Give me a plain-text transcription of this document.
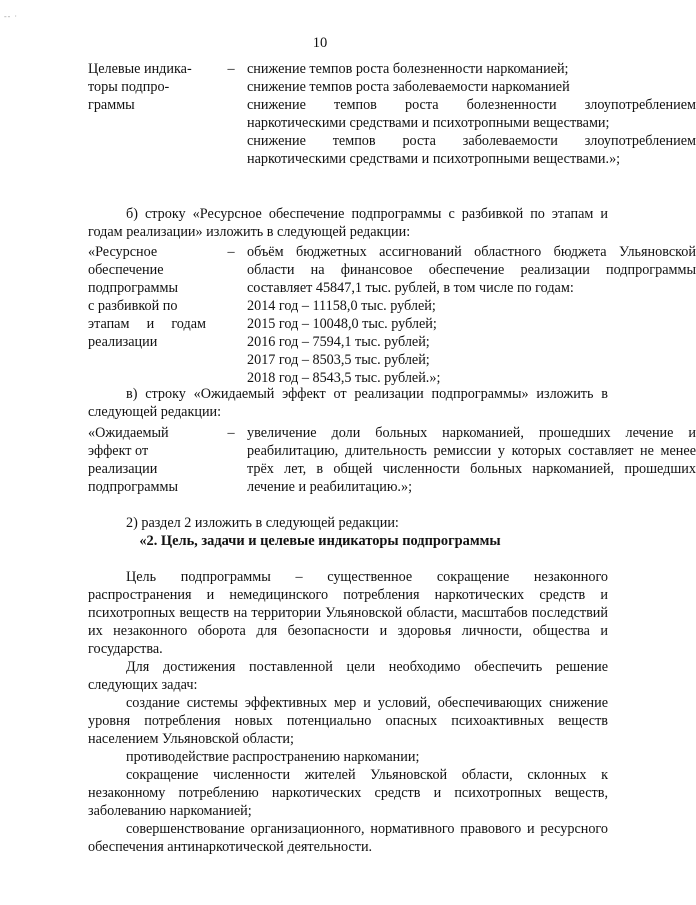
-- ·
10
Целевые индика-
торы подпро-
граммы
– снижение темпов роста болезненности наркоманией;
снижение темпов роста заболеваемости наркоманией
снижение темпов роста болезненности злоупотреблением наркотическими средствами и психотропными веществами;
снижение темпов роста заболеваемости злоупотреблением наркотическими средствами и психотропными веществами.»;
б) строку «Ресурсное обеспечение подпрограммы с разбивкой по этапам и годам реализации» изложить в следующей редакции:
«Ресурсное
обеспечение
подпрограммы
с разбивкой по
этапам и годам
реализации
– объём бюджетных ассигнований областного бюджета Ульяновской области на финансовое обеспечение реализации подпрограммы составляет 45847,1 тыс. рублей, в том числе по годам:
2014 год – 11158,0 тыс. рублей;
2015 год – 10048,0 тыс. рублей;
2016 год – 7594,1 тыс. рублей;
2017 год – 8503,5 тыс. рублей;
2018 год – 8543,5 тыс. рублей.»;
в) строку «Ожидаемый эффект от реализации подпрограммы» изложить в следующей редакции:
«Ожидаемый
эффект от
реализации
подпрограммы
– увеличение доли больных наркоманией, прошедших лечение и реабилитацию, длительность ремиссии у которых составляет не менее трёх лет, в общей численности больных наркоманией, прошедших лечение и реабилитацию.»;
2) раздел 2 изложить в следующей редакции:
«2. Цель, задачи и целевые индикаторы подпрограммы
Цель подпрограммы – существенное сокращение незаконного распространения и немедицинского потребления наркотических средств и психотропных веществ на территории Ульяновской области, масштабов последствий их незаконного оборота для безопасности и здоровья личности, общества и государства.
Для достижения поставленной цели необходимо обеспечить решение следующих задач:
создание системы эффективных мер и условий, обеспечивающих снижение уровня потребления новых потенциально опасных психоактивных веществ населением Ульяновской области;
противодействие распространению наркомании;
сокращение численности жителей Ульяновской области, склонных к незаконному потреблению наркотических средств и психотропных веществ, заболеванию наркоманией;
совершенствование организационного, нормативного правового и ресурсного обеспечения антинаркотической деятельности.
